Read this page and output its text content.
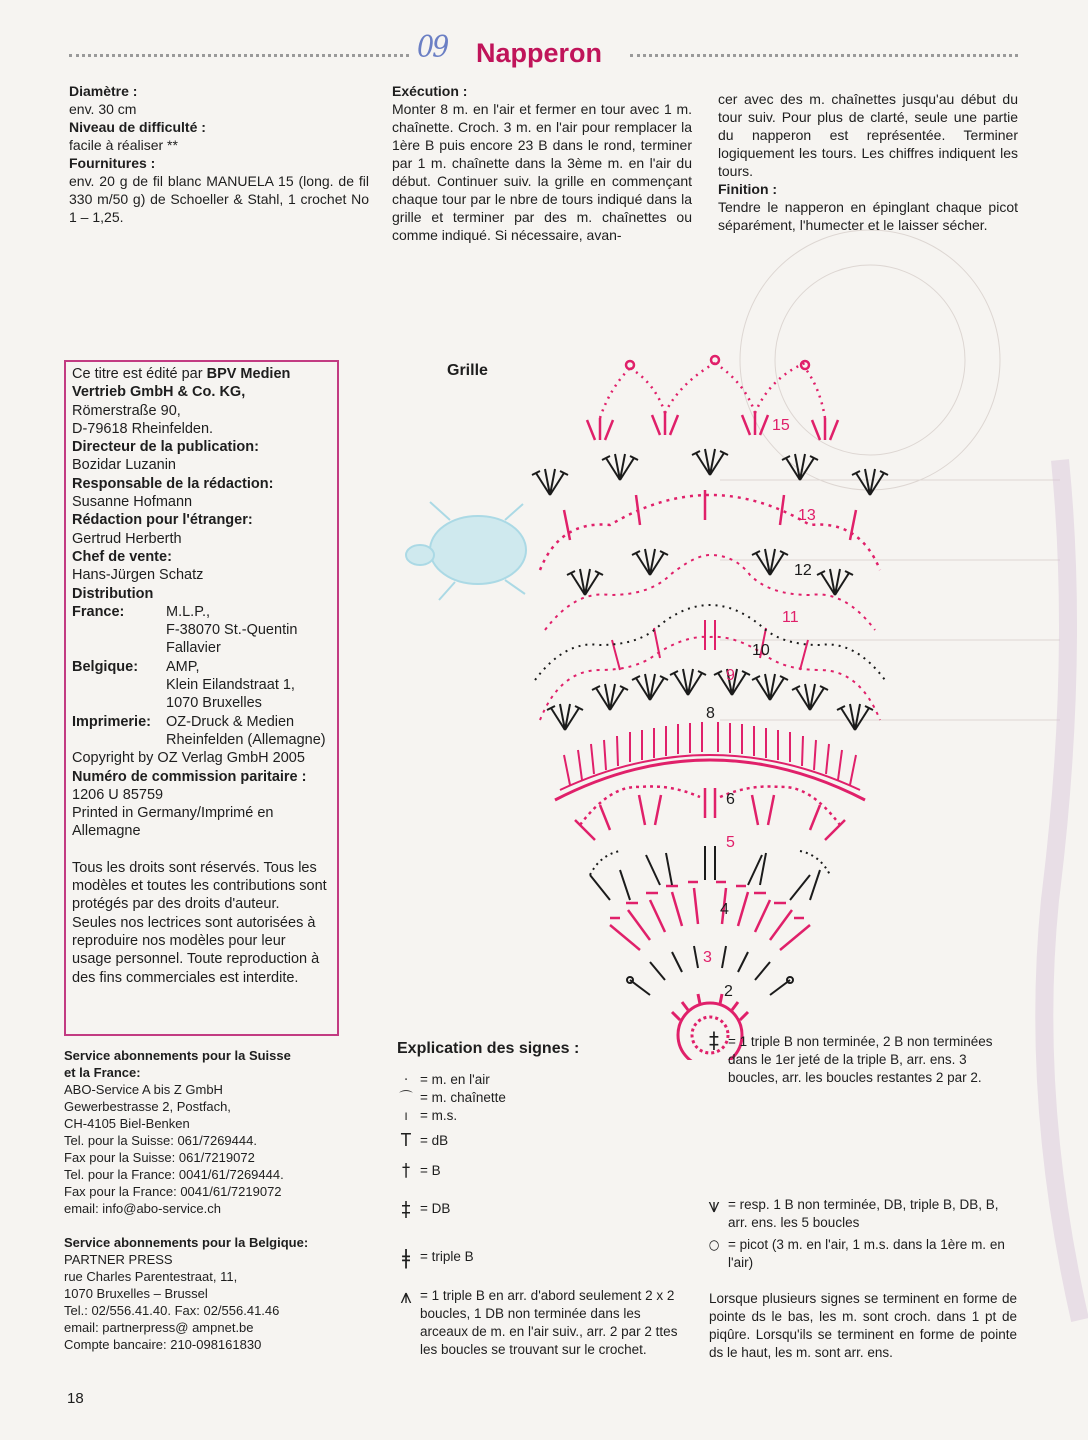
09 Napperon
Diamètre :
env. 30 cm
Niveau de difficulté :
facile à réaliser **
Fournitures :
env. 20 g de fil blanc MANUELA 15 (long. de fil 330 m/50 g) de Schoeller & Stahl, 1 crochet No 1 – 1,25.
Exécution :
Monter 8 m. en l'air et fermer en tour avec 1 m. chaînette. Croch. 3 m. en l'air pour remplacer la 1ère B puis encore 23 B dans le rond, terminer par 1 m. chaînette dans la 3ème m. en l'air du début. Continuer suiv. la grille en commençant chaque tour par le nbre de tours indiqué dans la grille et terminer par des m. chaînettes ou comme indiqué. Si nécessaire, avan-
cer avec des m. chaînettes jusqu'au début du tour suiv. Pour plus de clarté, seule une partie du napperon est représentée. Terminer logiquement les tours. Les chiffres indiquent les tours.
Finition :
Tendre le napperon en épinglant chaque picot séparément, l'humecter et le laisser sécher.
Ce titre est édité par BPV Medien
Vertrieb GmbH & Co. KG,
Römerstraße 90,
D-79618 Rheinfelden.
Directeur de la publication:
Bozidar Luzanin
Responsable de la rédaction:
Susanne Hofmann
Rédaction pour l'étranger:
Gertrud Herberth
Chef de vente:
Hans-Jürgen Schatz
Distribution
France:	M.L.P.,
F-38070 St.-Quentin
Fallavier
Belgique:	AMP,
Klein Eilandstraat 1,
1070 Bruxelles
Imprimerie:	OZ-Druck & Medien
Rheinfelden (Allemagne)
Copyright by OZ Verlag GmbH 2005
Numéro de commission paritaire :
1206 U 85759
Printed in Germany/Imprimé en
Allemagne
Tous les droits sont réservés. Tous les modèles et toutes les contributions sont protégés par des droits d'auteur. Seules nos lectrices sont autorisées à reproduire nos modèles pour leur usage personnel. Toute reproduction à des fins commerciales est interdite.
Service abonnements pour la Suisse
et la France:
ABO-Service A bis Z GmbH
Gewerbestrasse 2, Postfach,
CH-4105 Biel-Benken
Tel. pour la Suisse: 061/7269444.
Fax pour la Suisse: 061/7219072
Tel. pour la France: 0041/61/7269444.
Fax pour la France: 0041/61/7219072
email: info@abo-service.ch
Service abonnements pour la Belgique:
PARTNER PRESS
rue Charles Parentestraat, 11,
1070 Bruxelles – Brussel
Tel.: 02/556.41.40. Fax: 02/556.41.46
email: partnerpress@ ampnet.be
Compte bancaire: 210-098161830
Grille
15
13
12
11
10
9
8
6
5
4
3
2
Explication des signes :
· = m. en l'air
⌒ = m. chaînette
ı = m.s.
T = dB
† = B
‡ = DB
ǂ = triple B
⩚ = 1 triple B en arr. d'abord seulement 2 x 2 boucles, 1 DB non terminée dans les arceaux de m. en l'air suiv., arr. 2 par 2 ttes les boucles se trouvant sur le crochet.
‡ = 1 triple B non terminée, 2 B non terminées dans le 1er jeté de la triple B, arr. ens. 3 boucles, arr. les boucles restantes 2 par 2.
⩛ = resp. 1 B non terminée, DB, triple B, DB, B, arr. ens. les 5 boucles
○ = picot (3 m. en l'air, 1 m.s. dans la 1ère m. en l'air)
Lorsque plusieurs signes se terminent en forme de pointe ds le bas, les m. sont croch. dans 1 pt de piqûre. Lorsqu'ils se terminent en forme de pointe ds le haut, les m. sont arr. ens.
18
